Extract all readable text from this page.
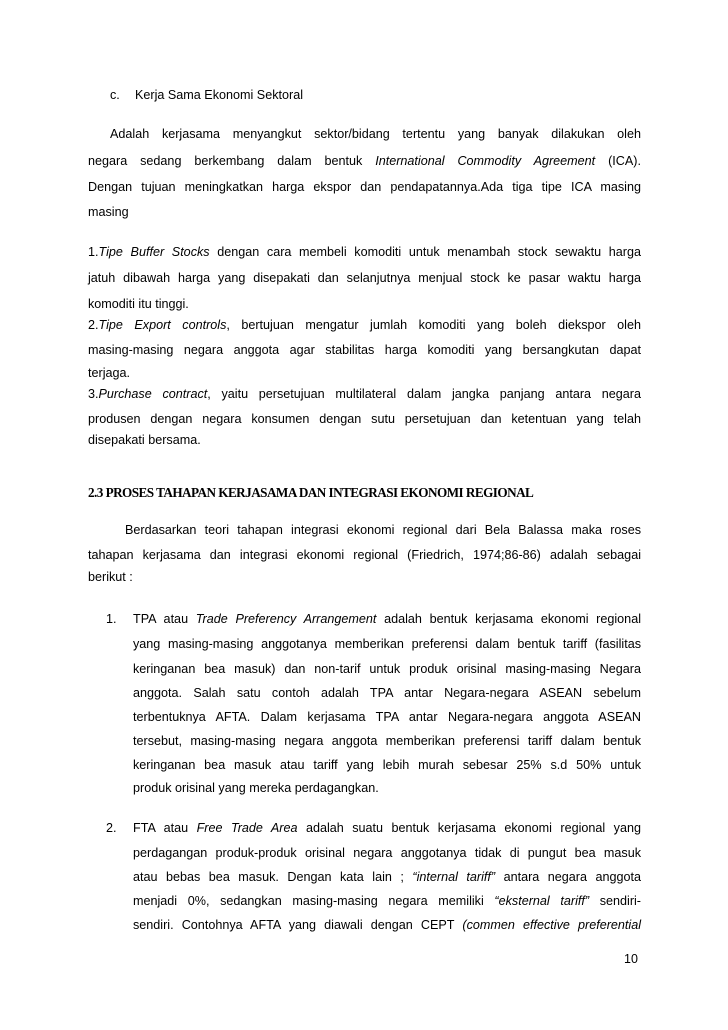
c. Kerja Sama Ekonomi Sektoral
Adalah kerjasama menyangkut sektor/bidang tertentu yang banyak dilakukan oleh
negara sedang berkembang dalam bentuk International Commodity Agreement (ICA).
Dengan tujuan meningkatkan harga ekspor dan pendapatannya.Ada tiga tipe ICA masing
masing
1.Tipe Buffer Stocks dengan cara membeli komoditi untuk menambah stock sewaktu harga
jatuh dibawah harga yang disepakati dan selanjutnya menjual stock ke pasar waktu harga
komoditi itu tinggi.
2.Tipe Export controls, bertujuan mengatur jumlah komoditi yang boleh diekspor oleh
masing-masing negara anggota agar stabilitas harga komoditi yang bersangkutan dapat
terjaga.
3.Purchase contract, yaitu persetujuan multilateral dalam jangka panjang antara negara
produsen dengan negara konsumen dengan sutu persetujuan dan ketentuan yang telah
disepakati bersama.
2.3 PROSES TAHAPAN KERJASAMA DAN INTEGRASI EKONOMI REGIONAL
Berdasarkan teori tahapan integrasi ekonomi regional dari Bela Balassa maka roses
tahapan kerjasama dan integrasi ekonomi regional (Friedrich, 1974;86-86) adalah sebagai
berikut :
1. TPA atau Trade Preferency Arrangement adalah bentuk kerjasama ekonomi regional
yang masing-masing anggotanya memberikan preferensi dalam bentuk tariff (fasilitas
keringanan bea masuk) dan non-tarif untuk produk orisinal masing-masing Negara
anggota. Salah satu contoh adalah TPA antar Negara-negara ASEAN sebelum
terbentuknya AFTA. Dalam kerjasama TPA antar Negara-negara anggota ASEAN
tersebut, masing-masing negara anggota memberikan preferensi tariff dalam bentuk
keringanan bea masuk atau tariff yang lebih murah sebesar 25% s.d 50% untuk
produk orisinal yang mereka perdagangkan.
2. FTA atau Free Trade Area adalah suatu bentuk kerjasama ekonomi regional yang
perdagangan produk-produk orisinal negara anggotanya tidak di pungut bea masuk
atau bebas bea masuk. Dengan kata lain ; “internal tariff” antara negara anggota
menjadi 0%, sedangkan masing-masing negara memiliki “eksternal tariff” sendiri-
sendiri. Contohnya AFTA yang diawali dengan CEPT (commen effective preferential
10
